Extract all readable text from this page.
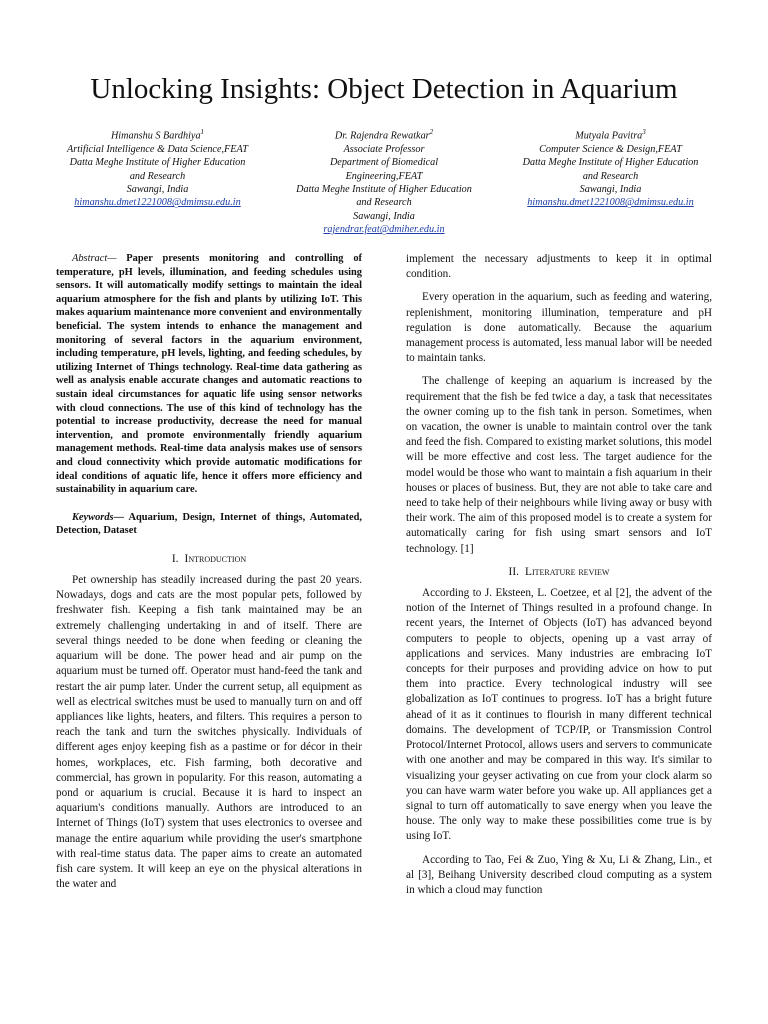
Unlocking Insights: Object Detection in Aquarium
Himanshu S Bardhiya$^1$
Artificial Intelligence & Data Science,FEAT
Datta Meghe Institute of Higher Education
and Research
Sawangi, India
himanshu.dmet1221008@dmimsu.edu.in
Dr. Rajendra Rewatkar$^2$
Associate Professor
Department of Biomedical
Engineering,FEAT
Datta Meghe Institute of Higher Education
and Research
Sawangi, India
rajendrar.feat@dmiher.edu.in
Mutyala Pavitra$^3$
Computer Science & Design,FEAT
Datta Meghe Institute of Higher Education
and Research
Sawangi, India
himanshu.dmet1221008@dmimsu.edu.in

Abstract— Paper presents monitoring and controlling of temperature, pH levels, illumination, and feeding schedules using sensors. It will automatically modify settings to maintain the ideal aquarium atmosphere for the fish and plants by utilizing IoT. This makes aquarium maintenance more convenient and environmentally beneficial. The system intends to enhance the management and monitoring of several factors in the aquarium environment, including temperature, pH levels, lighting, and feeding schedules, by utilizing Internet of Things technology. Real-time data gathering as well as analysis enable accurate changes and automatic reactions to sustain ideal circumstances for aquatic life using sensor networks with cloud connections. The use of this kind of technology has the potential to increase productivity, decrease the need for manual intervention, and promote environmentally friendly aquarium management methods. Real-time data analysis makes use of sensors and cloud connectivity which provide automatic modifications for ideal conditions of aquatic life, hence it offers more efficiency and sustainability in aquarium care.

Keywords— Aquarium, Design, Internet of things, Automated, Detection, Dataset

I. Introduction

Pet ownership has steadily increased during the past 20 years. Nowadays, dogs and cats are the most popular pets, followed by freshwater fish. Keeping a fish tank maintained may be an extremely challenging undertaking in and of itself. There are several things needed to be done when feeding or cleaning the aquarium will be done. The power head and air pump on the aquarium must be turned off. Operator must hand-feed the tank and restart the air pump later. Under the current setup, all equipment as well as electrical switches must be used to manually turn on and off appliances like lights, heaters, and filters. This requires a person to reach the tank and turn the switches physically. Individuals of different ages enjoy keeping fish as a pastime or for décor in their homes, workplaces, etc. Fish farming, both decorative and commercial, has grown in popularity. For this reason, automating a pond or aquarium is crucial. Because it is hard to inspect an aquarium's conditions manually. Authors are introduced to an Internet of Things (IoT) system that uses electronics to oversee and manage the entire aquarium while providing the user's smartphone with real-time status data. The paper aims to create an automated fish care system. It will keep an eye on the physical alterations in the water and

implement the necessary adjustments to keep it in optimal condition.

Every operation in the aquarium, such as feeding and watering, replenishment, monitoring illumination, temperature and pH regulation is done automatically. Because the aquarium management process is automated, less manual labor will be needed to maintain tanks.

The challenge of keeping an aquarium is increased by the requirement that the fish be fed twice a day, a task that necessitates the owner coming up to the fish tank in person. Sometimes, when on vacation, the owner is unable to maintain control over the tank and feed the fish. Compared to existing market solutions, this model will be more effective and cost less. The target audience for the model would be those who want to maintain a fish aquarium in their houses or places of business. But, they are not able to take care and need to take help of their neighbours while living away or busy with their work. The aim of this proposed model is to create a system for automatically caring for fish using smart sensors and IoT technology. [1]

II. Literature review

According to J. Eksteen, L. Coetzee, et al [2], the advent of the notion of the Internet of Things resulted in a profound change. In recent years, the Internet of Objects (IoT) has advanced beyond computers to people to objects, opening up a vast array of applications and services. Many industries are embracing IoT concepts for their purposes and providing advice on how to put them into practice. Every technological industry will see globalization as IoT continues to progress. IoT has a bright future ahead of it as it continues to flourish in many different technical domains. The development of TCP/IP, or Transmission Control Protocol/Internet Protocol, allows users and servers to communicate with one another and may be compared in this way. It's similar to visualizing your geyser activating on cue from your clock alarm so you can have warm water before you wake up. All appliances get a signal to turn off automatically to save energy when you leave the house. The only way to make these possibilities come true is by using IoT.

According to Tao, Fei & Zuo, Ying & Xu, Li & Zhang, Lin., et al [3], Beihang University described cloud computing as a system in which a cloud may function
